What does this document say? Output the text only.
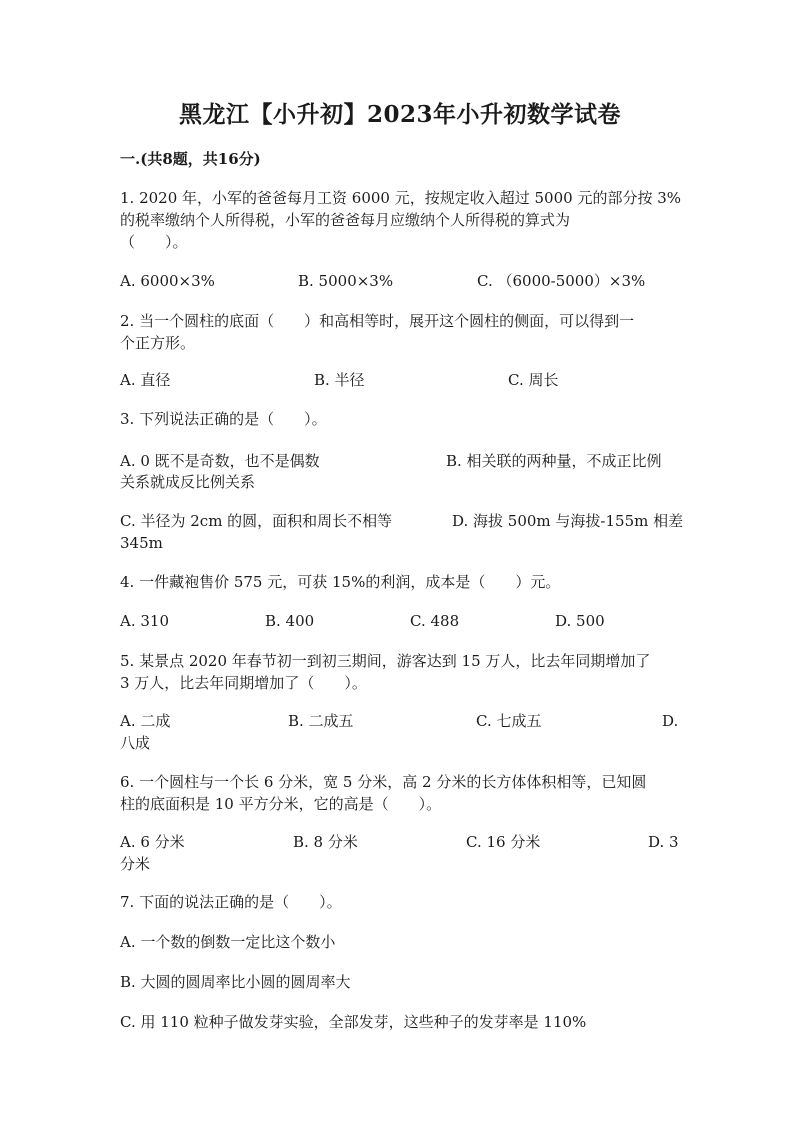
黑龙江【小升初】2023年小升初数学试卷
一.(共8题，共16分)
1. 2020 年，小军的爸爸每月工资 6000 元，按规定收入超过 5000 元的部分按 3%
的税率缴纳个人所得税，小军的爸爸每月应缴纳个人所得税的算式为
（　　）。
A. 6000×3%	B. 5000×3%	C. （6000-5000）×3%
2. 当一个圆柱的底面（　　）和高相等时，展开这个圆柱的侧面，可以得到一
个正方形。
A. 直径	B. 半径	C. 周长
3. 下列说法正确的是（　　）。
A. 0 既不是奇数，也不是偶数	B. 相关联的两种量，不成正比例
关系就成反比例关系
C. 半径为 2cm 的圆，面积和周长不相等	D. 海拔 500m 与海拔-155m 相差
345m
4. 一件藏袍售价 575 元，可获 15%的利润，成本是（　　）元。
A. 310	B. 400	C. 488	D. 500
5. 某景点 2020 年春节初一到初三期间，游客达到 15 万人，比去年同期增加了
3 万人，比去年同期增加了（　　）。
A. 二成	B. 二成五	C. 七成五	D.
八成
6. 一个圆柱与一个长 6 分米，宽 5 分米，高 2 分米的长方体体积相等，已知圆
柱的底面积是 10 平方分米，它的高是（　　）。
A. 6 分米	B. 8 分米	C. 16 分米	D. 3
分米
7. 下面的说法正确的是（　　）。
A. 一个数的倒数一定比这个数小
B. 大圆的圆周率比小圆的圆周率大
C. 用 110 粒种子做发芽实验，全部发芽，这些种子的发芽率是 110%
